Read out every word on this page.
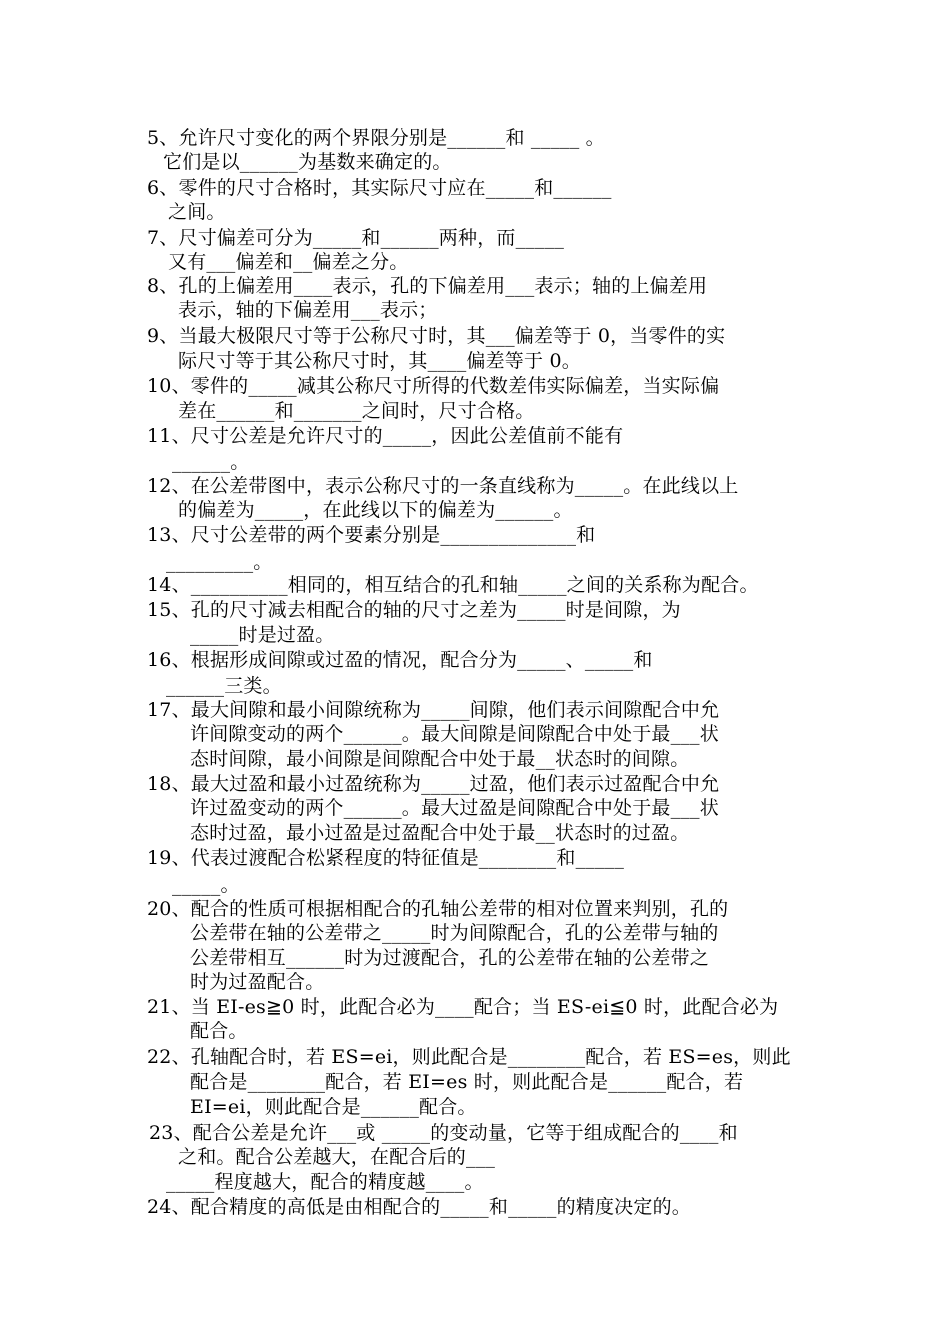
5、允许尺寸变化的两个界限分别是______和 _____ 。
它们是以______为基数来确定的。
6、零件的尺寸合格时，其实际尺寸应在_____和______
之间。
7、尺寸偏差可分为_____和______两种，而_____
又有___偏差和__偏差之分。
8、孔的上偏差用____表示，孔的下偏差用___表示；轴的上偏差用
表示，轴的下偏差用___表示；
9、当最大极限尺寸等于公称尺寸时，其___偏差等于 0，当零件的实
际尺寸等于其公称尺寸时，其____偏差等于 0。
10、零件的_____减其公称尺寸所得的代数差伟实际偏差，当实际偏
差在______和_______之间时，尺寸合格。
11、尺寸公差是允许尺寸的_____，因此公差值前不能有
______。
12、在公差带图中，表示公称尺寸的一条直线称为_____。在此线以上
的偏差为_____，在此线以下的偏差为______。
13、尺寸公差带的两个要素分别是______________和
_________。
14、__________相同的，相互结合的孔和轴_____之间的关系称为配合。
15、孔的尺寸减去相配合的轴的尺寸之差为_____时是间隙，为
_____时是过盈。
16、根据形成间隙或过盈的情况，配合分为_____、_____和
______三类。
17、最大间隙和最小间隙统称为_____间隙，他们表示间隙配合中允
许间隙变动的两个______。最大间隙是间隙配合中处于最___状
态时间隙，最小间隙是间隙配合中处于最__状态时的间隙。
18、最大过盈和最小过盈统称为_____过盈，他们表示过盈配合中允
许过盈变动的两个______。最大过盈是间隙配合中处于最___状
态时过盈，最小过盈是过盈配合中处于最__状态时的过盈。
19、代表过渡配合松紧程度的特征值是________和_____
_____。
20、配合的性质可根据相配合的孔轴公差带的相对位置来判别，孔的
公差带在轴的公差带之_____时为间隙配合，孔的公差带与轴的
公差带相互______时为过渡配合，孔的公差带在轴的公差带之
时为过盈配合。
21、当 EI-es≧0 时，此配合必为____配合；当 ES-ei≦0 时，此配合必为
配合。
22、孔轴配合时，若 ES=ei，则此配合是________配合，若 ES=es，则此
配合是________配合，若 EI=es 时，则此配合是______配合，若
EI=ei，则此配合是______配合。
23、配合公差是允许___或 _____的变动量，它等于组成配合的____和
之和。配合公差越大，在配合后的___
_____程度越大，配合的精度越____。
24、配合精度的高低是由相配合的_____和_____的精度决定的。
